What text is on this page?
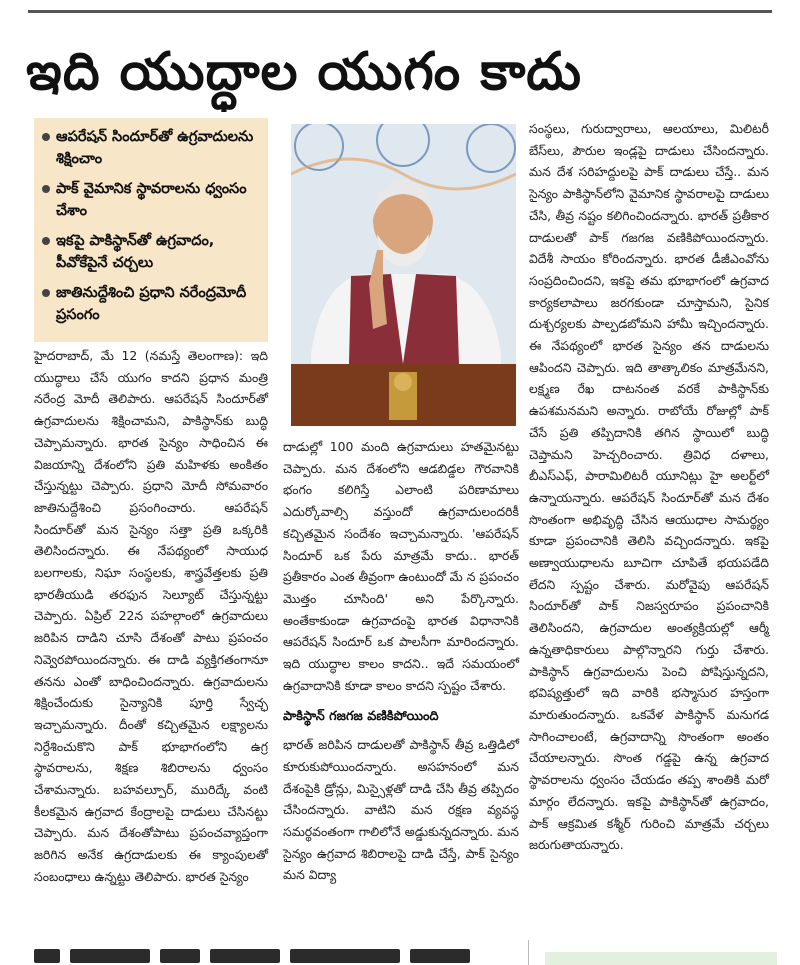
ఇది యుద్ధాల యుగం కాదు
ఆపరేషన్ సిందూర్‌తో ఉగ్రవాదులను శిక్షించాం
పాక్ వైమానిక స్థావరాలను ధ్వంసం చేశాం
ఇకపై పాకిస్థాన్‌తో ఉగ్రవాదం, పీవోకేపైనే చర్చలు
జాతినుద్దేశించి ప్రధాని నరేంద్రమోదీ ప్రసంగం

హైదరాబాద్, మే 12 (నమస్తే తెలంగాణ): ఇది యుద్ధాలు చేసే యుగం కాదని ప్రధాన మంత్రి నరేంద్ర మోదీ తెలిపారు. ఆపరేషన్ సిందూర్‌తో ఉగ్రవాదులను శిక్షించామని, పాకిస్థాన్‌కు బుద్ధి చెప్పామన్నారు. భారత సైన్యం సాధించిన ఈ విజయాన్ని దేశంలోని ప్రతి మహిళకు అంకితం చేస్తున్నట్టు చెప్పారు. ప్రధాని మోదీ సోమవారం జాతినుద్దేశించి ప్రసంగించారు. ఆపరేషన్ సిందూర్‌తో మన సైన్యం సత్తా ప్రతి ఒక్కరికి తెలిసిందన్నారు. ఈ నేపథ్యంలో సాయుధ బలగాలకు, నిఘా సంస్థలకు, శాస్త్రవేత్తలకు ప్రతి భారతీయుడి తరఫున సెల్యూట్ చేస్తున్నట్టు చెప్పారు. ఏప్రిల్ 22న పహల్గాంలో ఉగ్రవాదులు జరిపిన దాడిని చూసి దేశంతో పాటు ప్రపంచం నివ్వెరపోయిందన్నారు. ఈ దాడి వ్యక్తిగతంగానూ తనను ఎంతో బాధించిందన్నారు. ఉగ్రవాదులను శిక్షించేందుకు సైన్యానికి పూర్తి స్వేచ్ఛ ఇచ్చామన్నారు. దీంతో కచ్చితమైన లక్ష్యాలను నిర్దేశించుకొని పాక్ భూభాగంలోని ఉగ్ర స్థావరాలను, శిక్షణ శిబిరాలను ధ్వంసం చేశామన్నారు. బహవల్పూర్, మురిద్కే వంటి కీలకమైన ఉగ్రవాద కేంద్రాలపై దాడులు చేసినట్టు చెప్పారు. మన దేశంతోపాటు ప్రపంచవ్యాప్తంగా జరిగిన అనేక ఉగ్రదాడులకు ఈ క్యాంపులతో సంబంధాలు ఉన్నట్టు తెలిపారు. భారత సైన్యం

దాడుల్లో 100 మంది ఉగ్రవాదులు హతమైనట్టు చెప్పారు. మన దేశంలోని ఆడబిడ్డల గౌరవానికి భంగం కలిగిస్తే ఎలాంటి పరిణామాలు ఎదుర్కోవాల్సి వస్తుందో ఉగ్రవాదులందరికీ కచ్చితమైన సందేశం ఇచ్చామన్నారు. 'ఆపరేషన్ సిందూర్ ఒక పేరు మాత్రమే కాదు.. భారత్ ప్రతీకారం ఎంత తీవ్రంగా ఉంటుందో మే న ప్రపంచం మొత్తం చూసింది' అని పేర్కొన్నారు. అంతేకాకుండా ఉగ్రవాదంపై భారత విధానానికి ఆపరేషన్ సిందూర్ ఒక పాలసీగా మారిందన్నారు. ఇది యుద్ధాల కాలం కాదని.. ఇదే సమయంలో ఉగ్రవాదానికి కూడా కాలం కాదని స్పష్టం చేశారు.

పాకిస్థాన్ గజగజ వణికిపోయింది

భారత్ జరిపిన దాడులతో పాకిస్థాన్ తీవ్ర ఒత్తిడిలో కూరుకుపోయిందన్నారు. అసహనంలో మన దేశంపైకి డ్రోన్లు, మిస్సైళ్లతో దాడి చేసి తీవ్ర తప్పిదం చేసిందన్నారు. వాటిని మన రక్షణ వ్యవస్థ సమర్థవంతంగా గాలిలోనే అడ్డుకున్నదన్నారు. మన సైన్యం ఉగ్రవాద శిబిరాలపై దాడి చేస్తే, పాక్ సైన్యం మన విద్యా

సంస్థలు, గురుద్వారాలు, ఆలయాలు, మిలిటరీ బేస్‌లు, పౌరుల ఇండ్లపై దాడులు చేసిందన్నారు. మన దేశ సరిహద్దులపై పాక్ దాడులు చేస్తే.. మన సైన్యం పాకిస్థాన్‌లోని వైమానిక స్థావరాలపై దాడులు చేసి, తీవ్ర నష్టం కలిగించిందన్నారు. భారత్ ప్రతీకార దాడులతో పాక్ గజగజ వణికిపోయిందన్నారు. విదేశీ సాయం కోరిందన్నారు. భారత డీజీఎంవోను సంప్రదించిందని, ఇకపై తమ భూభాగంలో ఉగ్రవాద కార్యకలాపాలు జరగకుండా చూస్తామని, సైనిక దుశ్చర్యలకు పాల్పడబోమని హామీ ఇచ్చిందన్నారు. ఈ నేపథ్యంలో భారత సైన్యం తన దాడులను ఆపిందని చెప్పారు. ఇది తాత్కాలికం మాత్రమేనని, లక్ష్మణ రేఖ దాటనంత వరకే పాకిస్థాన్‌కు ఉపశమనమని అన్నారు. రాబోయే రోజుల్లో పాక్ చేసే ప్రతి తప్పిదానికి తగిన స్థాయిలో బుద్ధి చెప్తామని హెచ్చరించారు. త్రివిధ దళాలు, బీఎస్‌ఎఫ్, పారామిలిటరీ యూనిట్లు హై అలర్ట్‌లో ఉన్నాయన్నారు. ఆపరేషన్ సిందూర్‌తో మన దేశం సొంతంగా అభివృద్ధి చేసిన ఆయుధాల సామర్థ్యం కూడా ప్రపంచానికి తెలిసి వచ్చిందన్నారు. ఇకపై అణ్వాయుధాలను బూచిగా చూపితే భయపడేది లేదని స్పష్టం చేశారు. మరోవైపు ఆపరేషన్ సిందూర్‌తో పాక్ నిజస్వరూపం ప్రపంచానికి తెలిసిందని, ఉగ్రవాదుల అంత్యక్రియల్లో ఆర్మీ ఉన్నతాధికారులు పాల్గొన్నారని గుర్తు చేశారు. పాకిస్థాన్ ఉగ్రవాదులను పెంచి పోషిస్తున్నదని, భవిష్యత్తులో ఇది వారికి భస్మాసుర హస్తంగా మారుతుందన్నారు. ఒకవేళ పాకిస్థాన్ మనుగడ సాగించాలంటే, ఉగ్రవాదాన్ని సొంతంగా అంతం చేయాలన్నారు. సొంత గడ్డపై ఉన్న ఉగ్రవాద స్థావరాలను ధ్వంసం చేయడం తప్ప శాంతికి మరో మార్గం లేదన్నారు. ఇకపై పాకిస్థాన్‌తో ఉగ్రవాదం, పాక్ ఆక్రమిత కశ్మీర్ గురించి మాత్రమే చర్చలు జరుగుతాయన్నారు.
